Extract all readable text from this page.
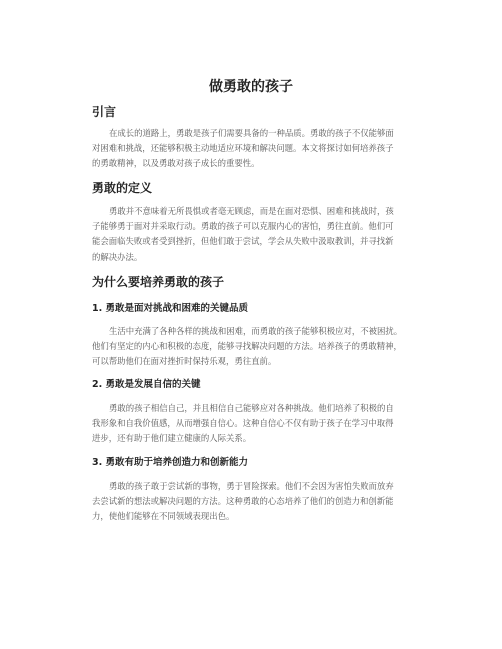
做勇敢的孩子
引言
在成长的道路上，勇敢是孩子们需要具备的一种品质。勇敢的孩子不仅能够面
对困难和挑战，还能够积极主动地适应环境和解决问题。本文将探讨如何培养孩子
的勇敢精神，以及勇敢对孩子成长的重要性。
勇敢的定义
勇敢并不意味着无所畏惧或者毫无顾虑，而是在面对恐惧、困难和挑战时，孩
子能够勇于面对并采取行动。勇敢的孩子可以克服内心的害怕，勇往直前。他们可
能会面临失败或者受到挫折，但他们敢于尝试，学会从失败中汲取教训，并寻找新
的解决办法。
为什么要培养勇敢的孩子
1. 勇敢是面对挑战和困难的关键品质
生活中充满了各种各样的挑战和困难，而勇敢的孩子能够积极应对，不被困扰。
他们有坚定的内心和积极的态度，能够寻找解决问题的方法。培养孩子的勇敢精神，
可以帮助他们在面对挫折时保持乐观，勇往直前。
2. 勇敢是发展自信的关键
勇敢的孩子相信自己，并且相信自己能够应对各种挑战。他们培养了积极的自
我形象和自我价值感，从而增强自信心。这种自信心不仅有助于孩子在学习中取得
进步，还有助于他们建立健康的人际关系。
3. 勇敢有助于培养创造力和创新能力
勇敢的孩子敢于尝试新的事物，勇于冒险探索。他们不会因为害怕失败而放弃
去尝试新的想法或解决问题的方法。这种勇敢的心态培养了他们的创造力和创新能
力，使他们能够在不同领域表现出色。
